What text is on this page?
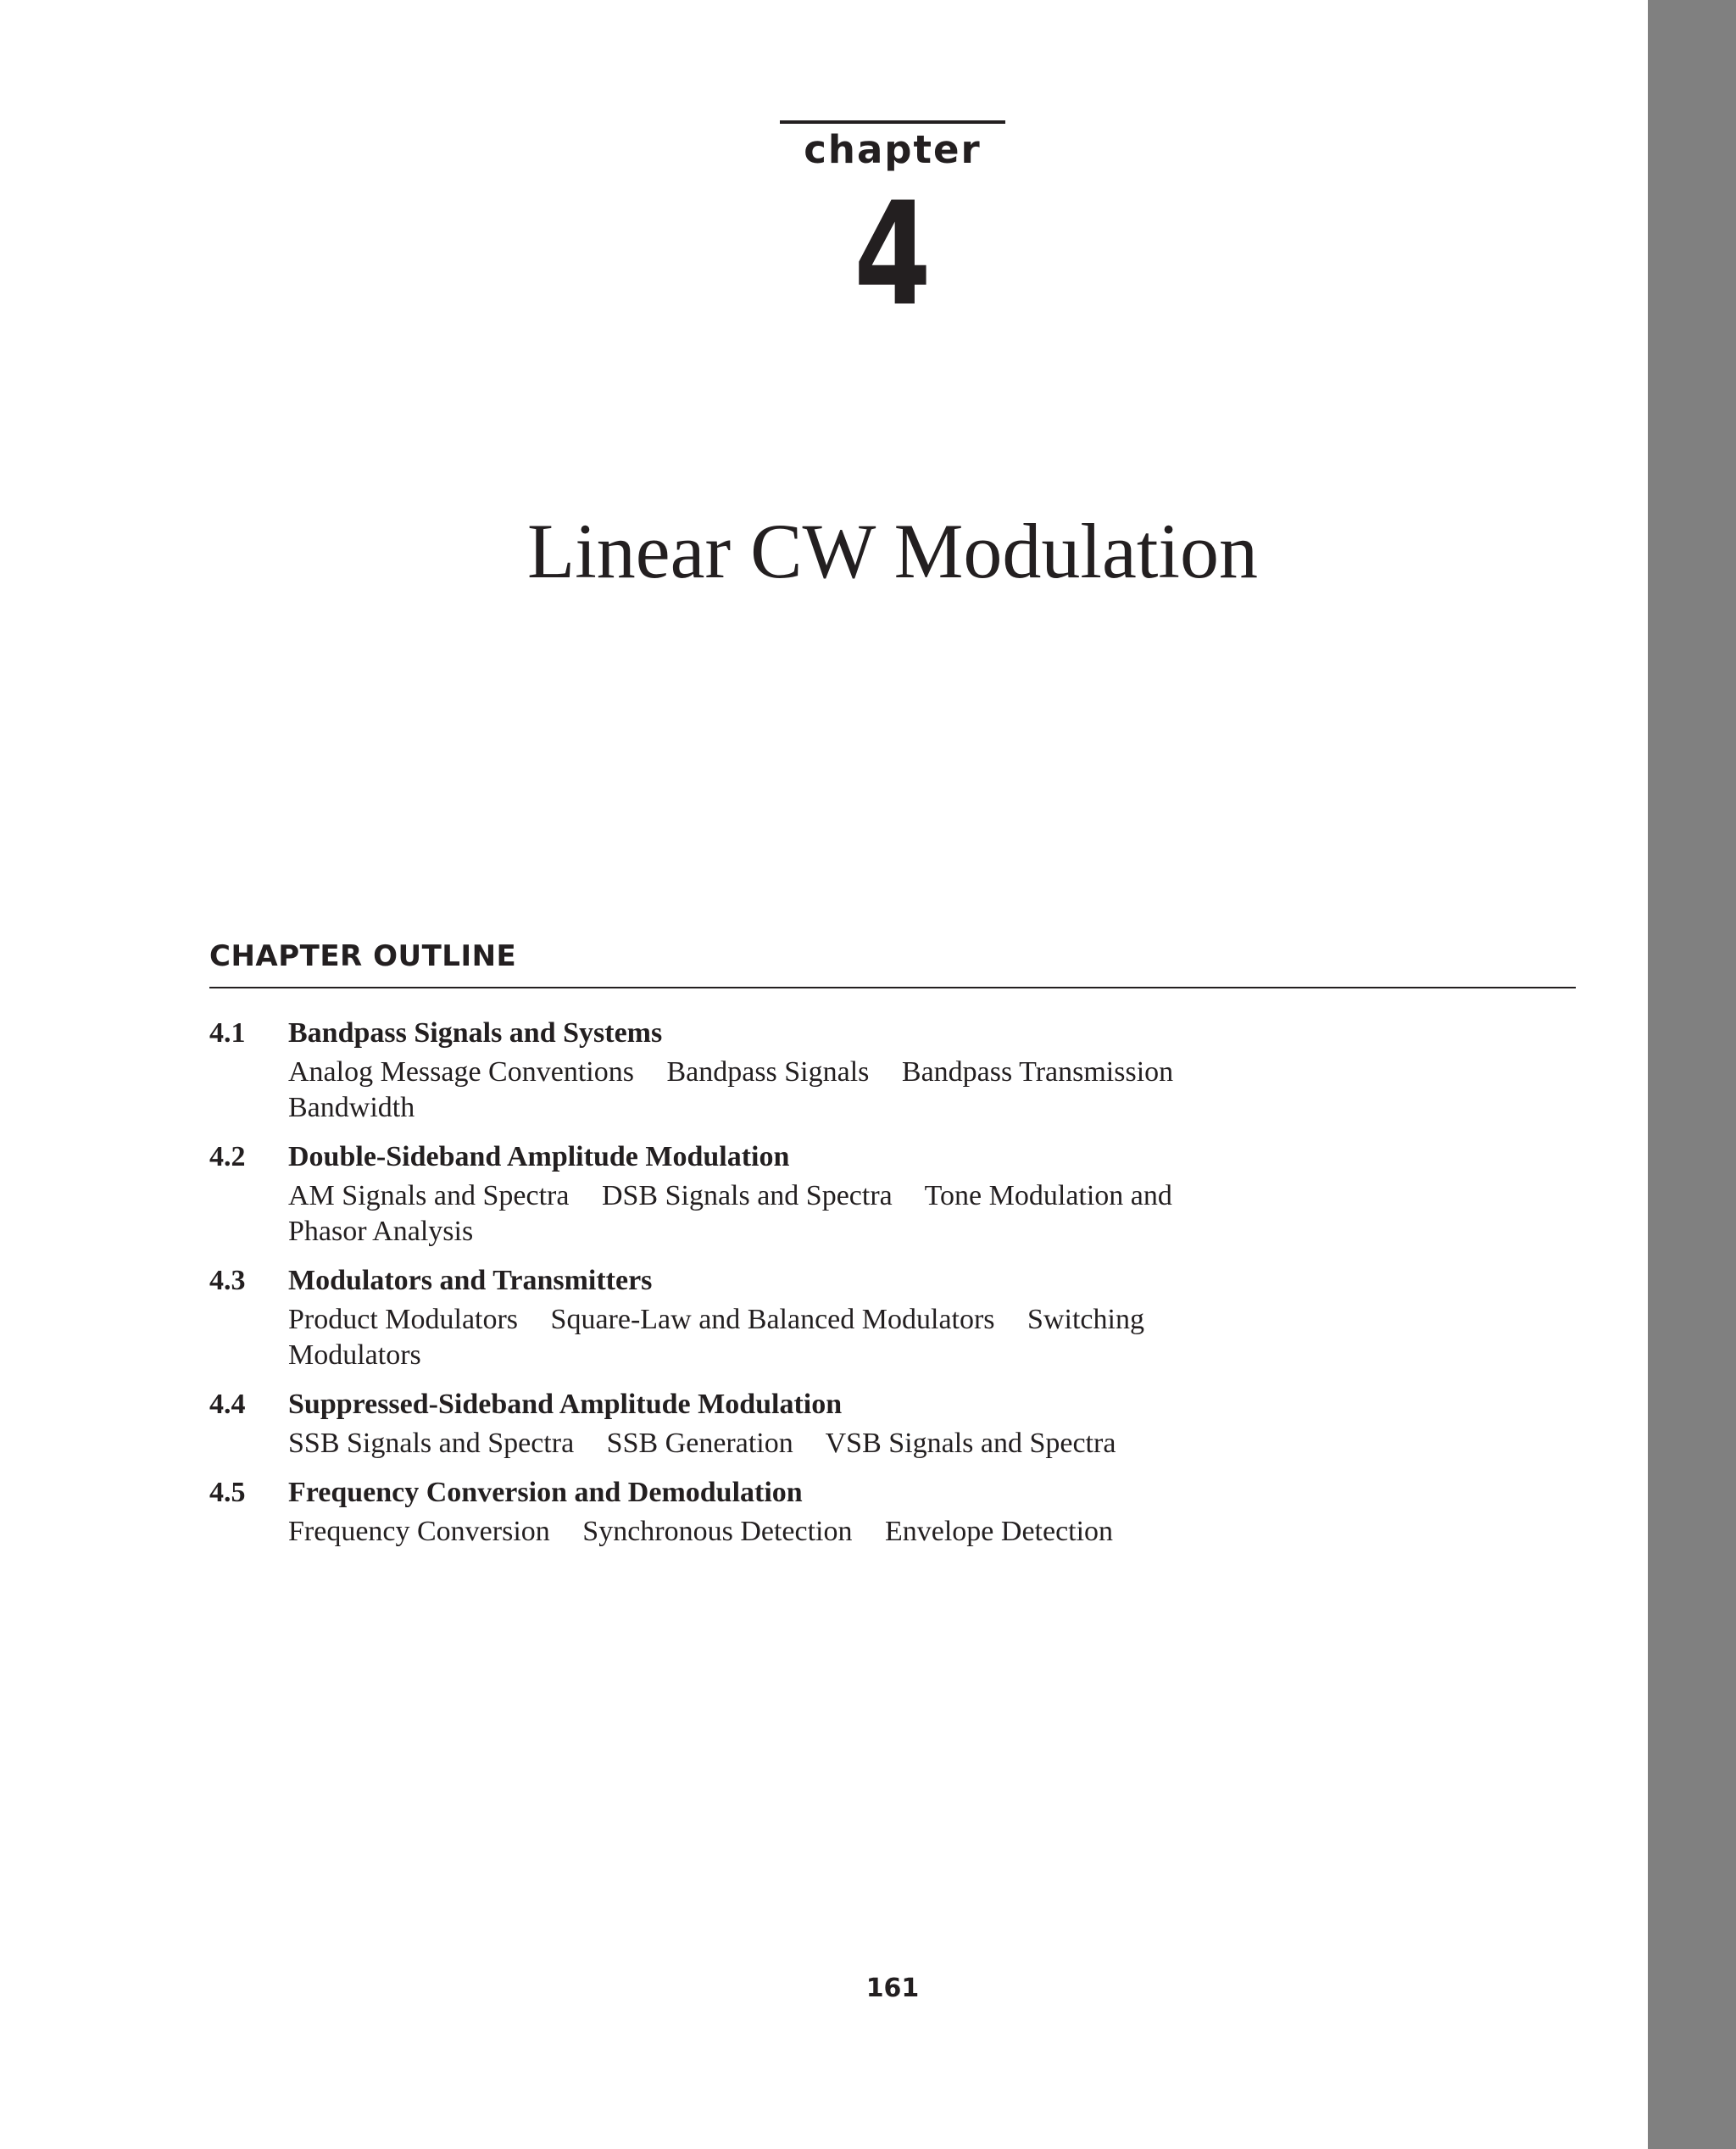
chapter
4
Linear CW Modulation
CHAPTER OUTLINE
4.1 Bandpass Signals and Systems
Analog Message Conventions Bandpass Signals Bandpass Transmission Bandwidth
4.2 Double-Sideband Amplitude Modulation
AM Signals and Spectra DSB Signals and Spectra Tone Modulation and Phasor Analysis
4.3 Modulators and Transmitters
Product Modulators Square-Law and Balanced Modulators Switching Modulators
4.4 Suppressed-Sideband Amplitude Modulation
SSB Signals and Spectra SSB Generation VSB Signals and Spectra
4.5 Frequency Conversion and Demodulation
Frequency Conversion Synchronous Detection Envelope Detection
161
